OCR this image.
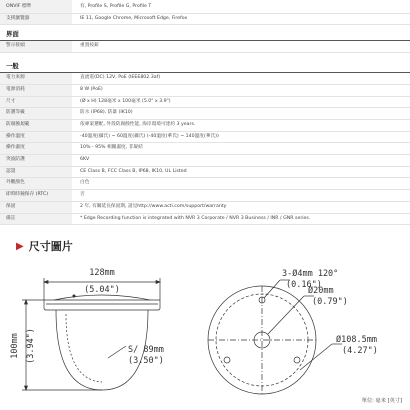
ONVIF 標準	有, Profile S, Profile G, Profile T
支援瀏覽器	IE 11, Google Chrome, Microsoft Edge, Firefox
界面
警示接頭	重置按鈕
一般
電力來源	直流電(DC) 12V, PoE (IEEE802.3af)
電源消耗	8 W (PoE)
尺寸	(Ø x H) 128毫米 x 100毫米 (5.0" x 3.9")
防護等級	防水 (IP68), 防暴 (IK10)
防腐蝕規範	依專案選配, 外殼防腐蝕性能, 海岸環境可達約 3 years.
操作溫度	-40溫度(攝氏) ~ 60溫度(攝氏) (-40溫度(華氏) ~ 140溫度(華氏))
操作濕度	10% - 95% 相關濕度, 非凝結
突波防護	6KV
認證	CE Class B, FCC Class B, IP68, IK10, UL Listed
外觀顏色	白色
即時時鐘保存 (RTC)	否
保固	2 年, 有關延長保固期, 請見http://www.acti.com/support/warranty
備註	* Edge Recording function is integrated with NVR 3 Corporate / NVR 3 Business / INR / GNR series.
▶ 尺寸圖片
128mm
(5.04")
100mm (3.94")	S/ 89mm
(3.50")
3-Ø4mm 120°
(0.16")
Ø20mm
(0.79")
Ø108.5mm
(4.27")
單位: 毫米 [英寸]
